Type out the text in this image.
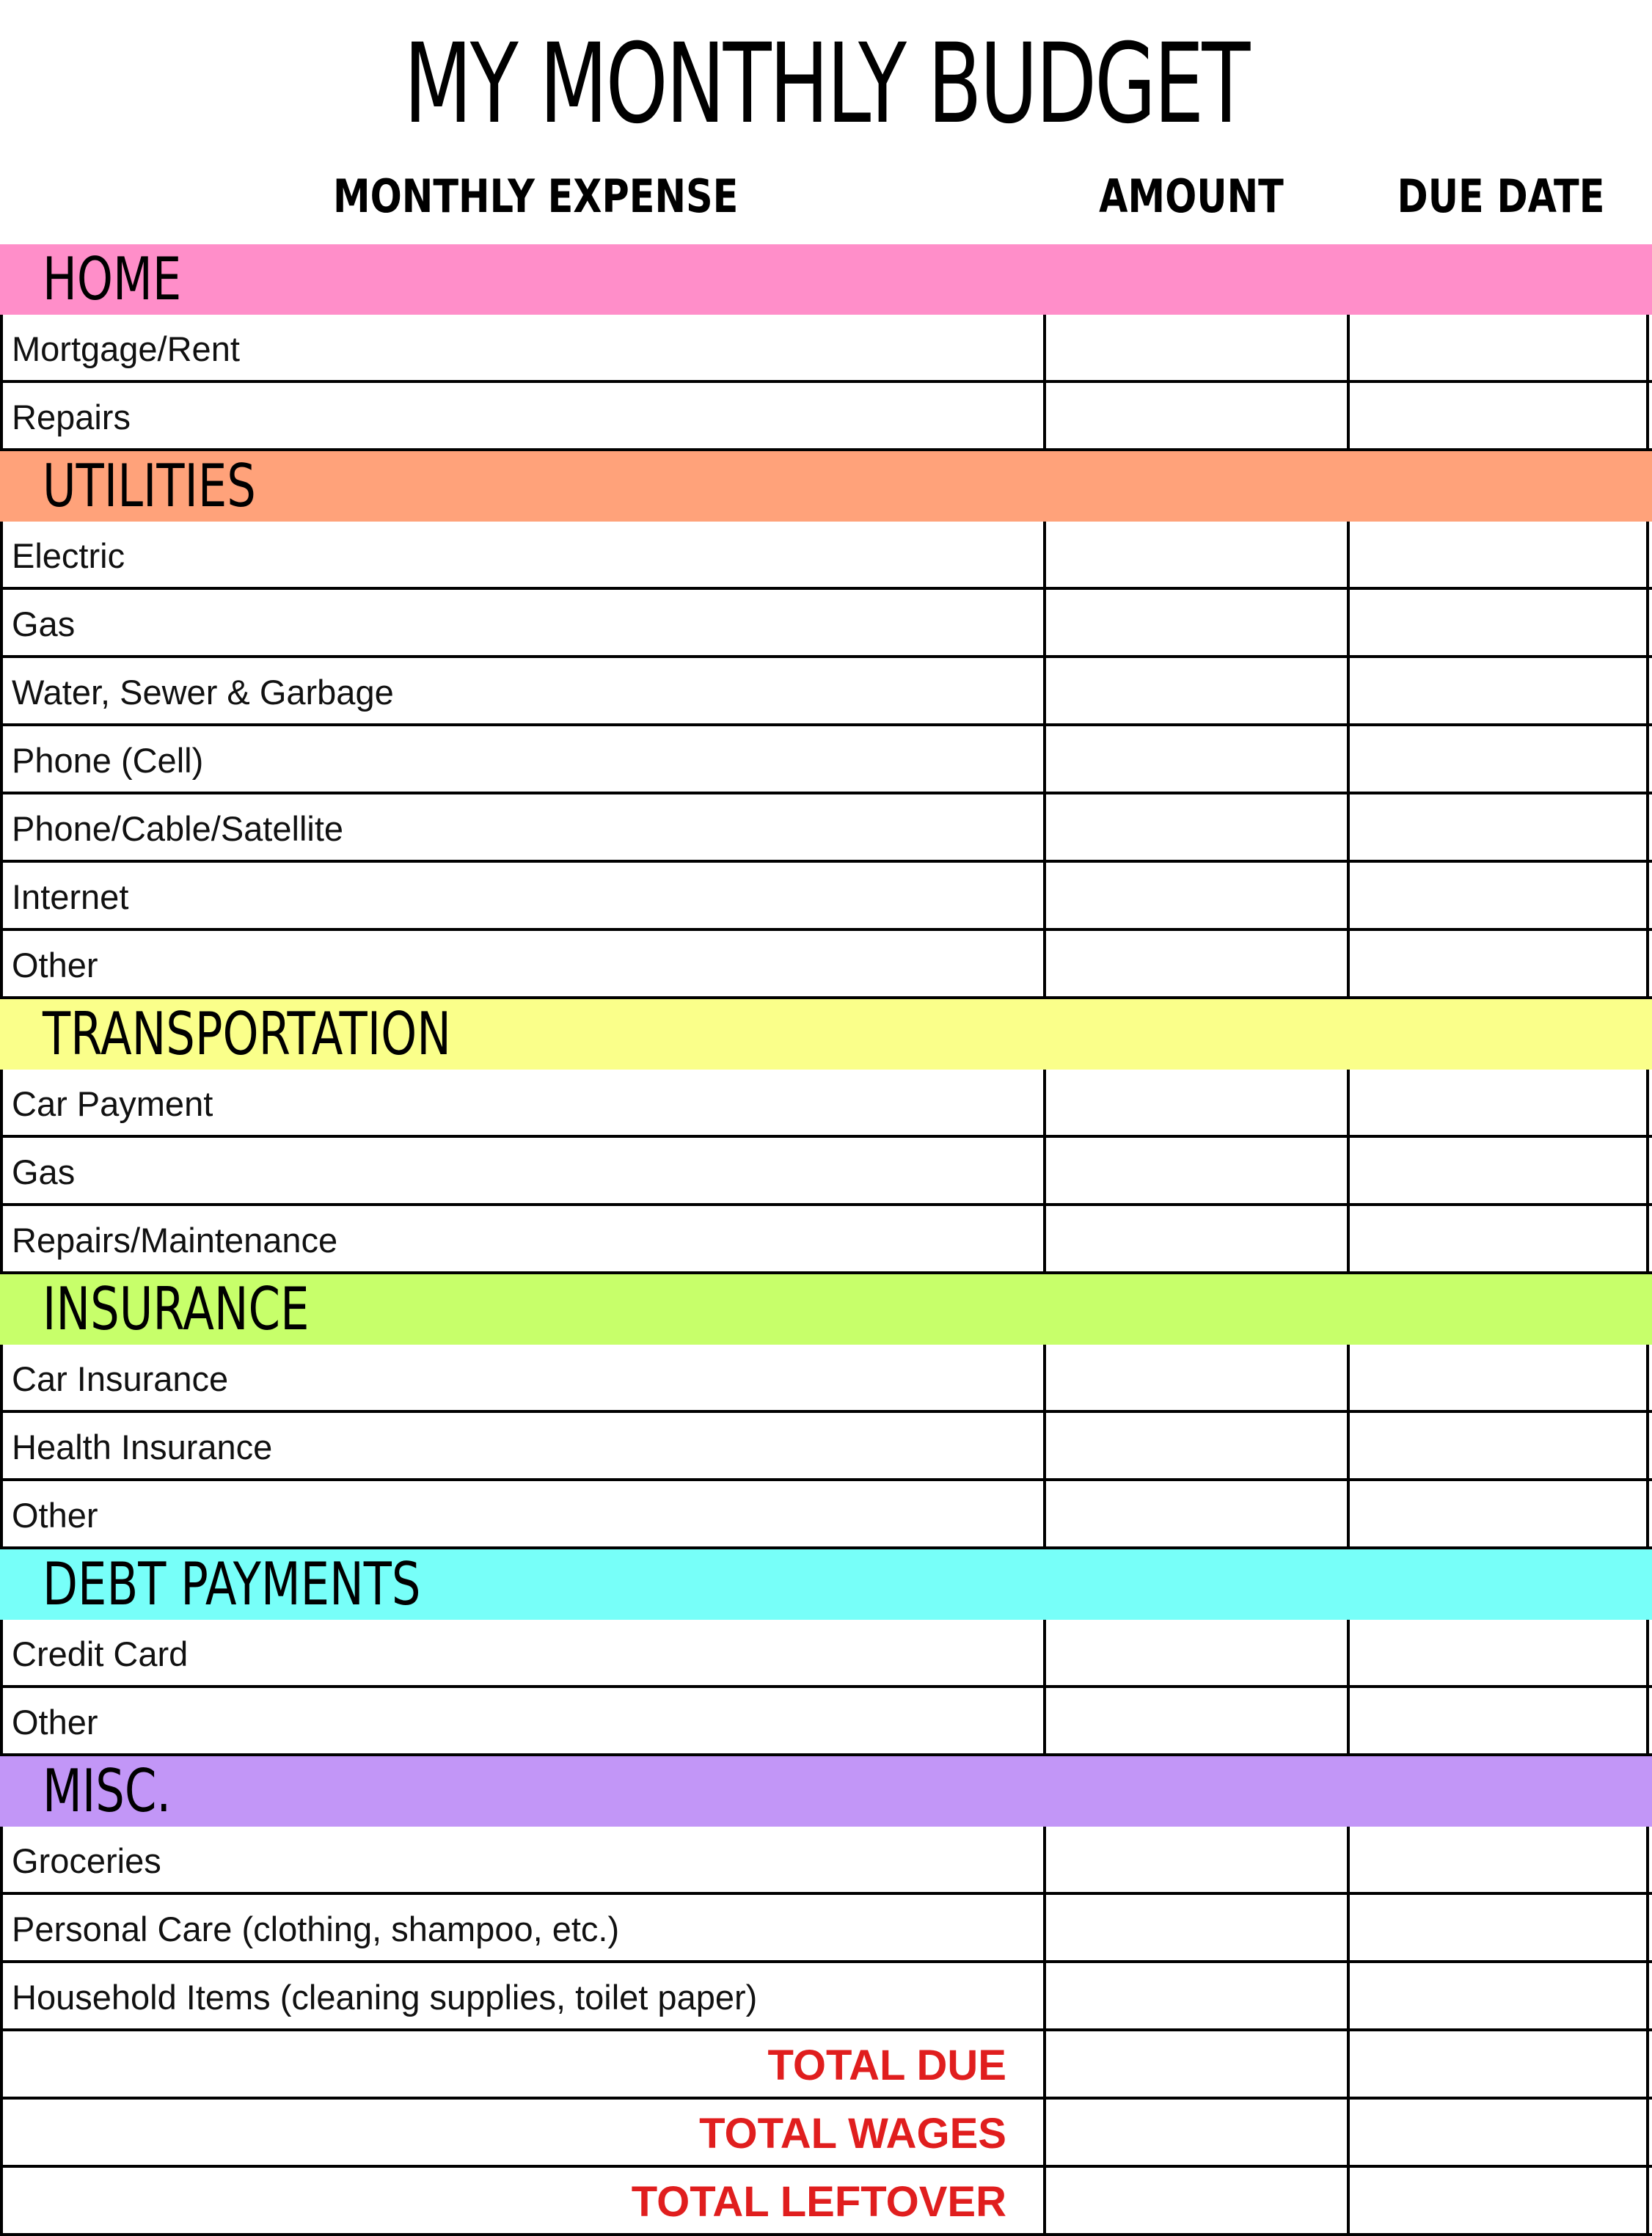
MY MONTHLY BUDGET
MONTHLY EXPENSE	AMOUNT	DUE DATE
HOME
Mortgage/Rent
Repairs
UTILITIES
Electric
Gas
Water, Sewer & Garbage
Phone (Cell)
Phone/Cable/Satellite
Internet
Other
TRANSPORTATION
Car Payment
Gas
Repairs/Maintenance
INSURANCE
Car Insurance
Health Insurance
Other
DEBT PAYMENTS
Credit Card
Other
MISC.
Groceries
Personal Care (clothing, shampoo, etc.)
Household Items (cleaning supplies, toilet paper)
TOTAL DUE
TOTAL WAGES
TOTAL LEFTOVER
